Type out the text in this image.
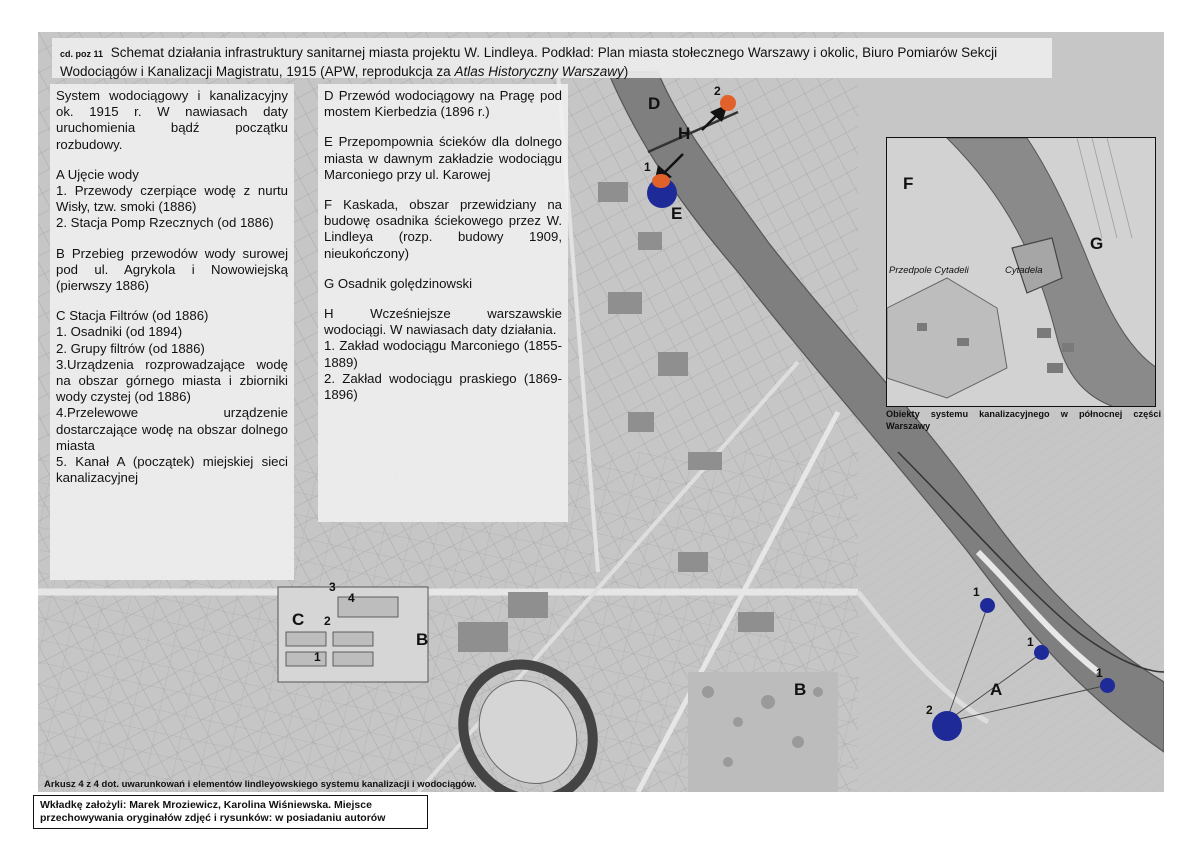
cd. poz 11 Schemat działania infrastruktury sanitarnej miasta projektu W. Lindleya. Podkład: Plan miasta stołecznego Warszawy i okolic, Biuro Pomiarów Sekcji Wodociągów i Kanalizacji Magistratu, 1915 (APW, reprodukcja za Atlas Historyczny Warszawy)

System wodociągowy i kanalizacyjny ok. 1915 r. W nawiasach daty uruchomienia bądź początku rozbudowy.

A Ujęcie wody
1. Przewody czerpiące wodę z nurtu Wisły, tzw. smoki (1886)
2. Stacja Pomp Rzecznych (od 1886)

B Przebieg przewodów wody surowej pod ul. Agrykola i Nowowiejską (pierwszy 1886)

C Stacja Filtrów (od 1886)
1. Osadniki (od 1894)
2. Grupy filtrów (od 1886)
3.Urządzenia rozprowadzające wodę na obszar górnego miasta i zbiorniki wody czystej (od 1886)
4.Przelewowe urządzenie dostarczające wodę na obszar dolnego miasta
5. Kanał A (początek) miejskiej sieci kanalizacyjnej

D Przewód wodociągowy na Pragę pod mostem Kierbedzia (1896 r.)

E Przepompownia ścieków dla dolnego miasta w dawnym zakładzie wodociągu Marconiego przy ul. Karowej

F Kaskada, obszar przewidziany na budowę osadnika ściekowego przez W. Lindleya (rozp. budowy 1909, nieukończony)

G Osadnik golędzinowski

H Wcześniejsze warszawskie wodociągi. W nawiasach daty działania.
1. Zakład wodociągu Marconiego (1855-1889)
2. Zakład wodociągu praskiego (1869-1896)
D
H
E
2
1
C 2
3
4
1
B
B	A
1
1
1
2
F
G
Przedpole Cytadeli	Cytadela
Obiekty systemu kanalizacyjnego w północnej części Warszawy
Arkusz 4 z 4 dot. uwarunkowań i elementów lindleyowskiego systemu kanalizacji i wodociągów.
Wkładkę założyli: Marek Mroziewicz, Karolina Wiśniewska. Miejsce przechowywania oryginałów zdjęć i rysunków: w posiadaniu autorów
